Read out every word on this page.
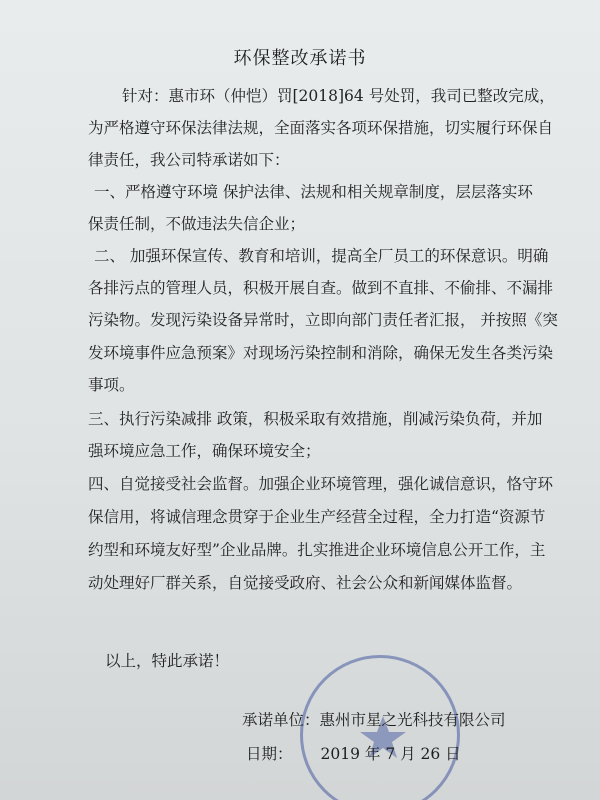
环保整改承诺书
针对：惠市环（仲恺）罚[2018]64 号处罚，我司已整改完成，
为严格遵守环保法律法规，全面落实各项环保措施，切实履行环保自
律责任，我公司特承诺如下：
一、严格遵守环境 保护法律、法规和相关规章制度，层层落实环
保责任制，不做违法失信企业；
二、 加强环保宣传、教育和培训，提高全厂员工的环保意识。明确
各排污点的管理人员，积极开展自查。做到不直排、不偷排、不漏排
污染物。发现污染设备异常时，立即向部门责任者汇报， 并按照《突
发环境事件应急预案》对现场污染控制和消除，确保无发生各类污染
事项。
三、执行污染减排 政策，积极采取有效措施，削减污染负荷，并加
强环境应急工作，确保环境安全；
四、自觉接受社会监督。加强企业环境管理，强化诚信意识，恪守环
保信用，将诚信理念贯穿于企业生产经营全过程，全力打造“资源节
约型和环境友好型”企业品牌。扎实推进企业环境信息公开工作，主
动处理好厂群关系，自觉接受政府、社会公众和新闻媒体监督。
以上，特此承诺！
承诺单位：惠州市星之光科技有限公司
日期： 2019 年 7 月 26 日
